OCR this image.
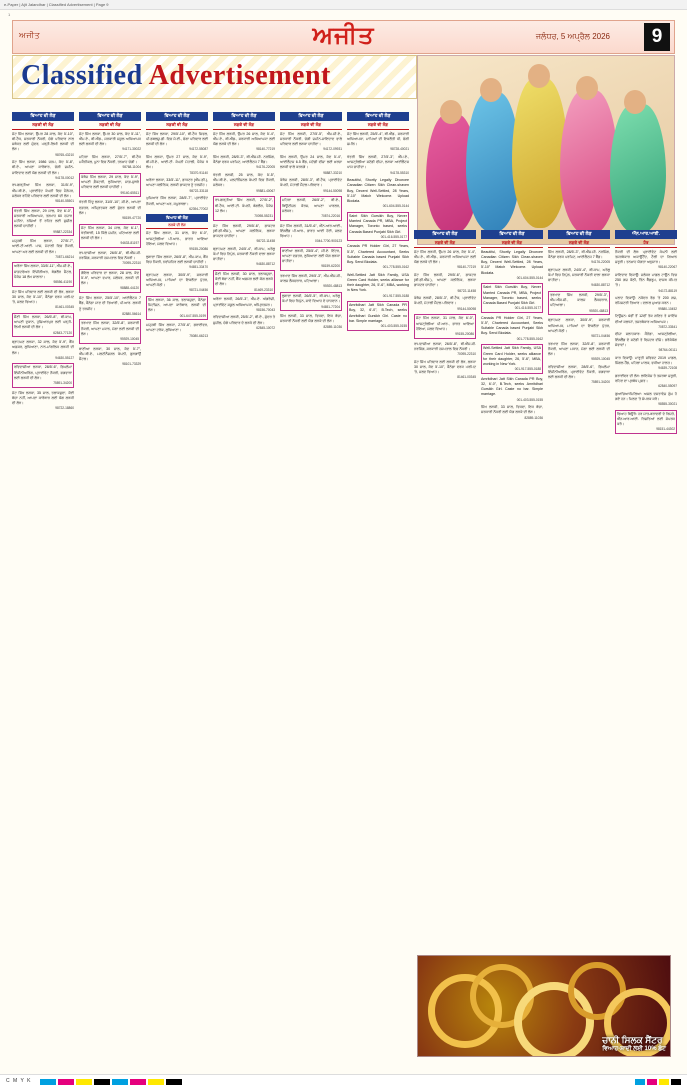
e-Paper | Ajit Jalandhar | Classified Advertisement | Page 9
1
ਅਜੀਤ	ਅਜੀਤ	ਜਲੰਧਰ, 5 ਅਪ੍ਰੈਲ 2026	9
Classified Advertisement
ਵਿਆਹ ਦੀ ਲੋੜ
ਲੜਕੀ ਦੀ ਲੋੜ
ਜੱਟ ਸਿੱਖ ਲੜਕਾ, ਉਮਰ 28 ਸਾਲ, ਕੱਦ 5'-10", ਬੀ.ਟੈਕ, ਸਰਕਾਰੀ ਨੌਕਰੀ, ਚੰਗੇ ਪਰਿਵਾਰ ਨਾਲ ਸਬੰਧਤ ਲਈ ਸੁੰਦਰ, ਪੜ੍ਹੀ-ਲਿਖੀ ਲੜਕੀ ਦੀ ਲੋੜ।
98765-43210
ਜੱਟ ਸਿੱਖ ਲੜਕਾ, 1986 ਜਨਮ, ਕੱਦ 5'-8", ਬੀ.ਏ., ਆਪਣਾ ਕਾਰੋਬਾਰ, ਚੰਗੀ ਜ਼ਮੀਨ-ਜਾਇਦਾਦ ਲਈ ਯੋਗ ਲੜਕੀ ਦੀ ਲੋੜ।
94178-00012
ਰਾਮਗੜ੍ਹੀਆ ਸਿੱਖ ਲੜਕਾ, 31/5'-9", ਐੱਮ.ਬੀ.ਏ., ਪ੍ਰਾਈਵੇਟ ਕੰਪਨੀ ਵਿਚ ਮੈਨੇਜਰ, ਜਲੰਧਰ ਰਹਿੰਦੇ ਪਰਿਵਾਰ ਲਈ ਲੜਕੀ ਦੀ ਲੋੜ।
98140-55501
ਖੱਤਰੀ ਸਿੱਖ ਲੜਕਾ, 29 ਸਾਲ, ਕੱਦ 6'-0", ਸਰਕਾਰੀ ਅਧਿਆਪਕ, ਤਨਖ਼ਾਹ 60 ਹਜ਼ਾਰ ਮਹੀਨਾ, ਨਸ਼ਿਆਂ ਤੋਂ ਰਹਿਤ ਲਈ ਸੁਸ਼ੀਲ ਲੜਕੀ ਚਾਹੀਦੀ।
99887-22334
ਮਜ਼੍ਹਬੀ ਸਿੱਖ ਲੜਕਾ, 27/5'-7", ਆਈ.ਟੀ.ਆਈ. ਪਾਸ, ਮੋਹਾਲੀ ਵਿਚ ਨੌਕਰੀ, ਆਪਣਾ ਘਰ ਲਈ ਲੜਕੀ ਦੀ ਲੋੜ।
70871-66214
ਅਰੋੜਾ ਸਿੱਖ ਲੜਕਾ, 33/5'-11", ਐੱਮ.ਸੀ.ਏ., ਸਾਫ਼ਟਵੇਅਰ ਇੰਜੀਨੀਅਰ, ਬੰਗਲੌਰ ਸੈਟਲ, ਪੈਕੇਜ 18 ਲੱਖ ਸਾਲਾਨਾ।
98556-41190
ਜੱਟ ਸਿੱਖ ਪਰਿਵਾਰ ਲਈ ਲੜਕੀ ਦੀ ਲੋੜ, ਲੜਕਾ 30 ਸਾਲ, ਕੱਦ 5'-10", ਕੈਨੇਡਾ ਵਰਕ ਪਰਮਿਟ 'ਤੇ, ਜਲਦ ਵਿਆਹ।
81461-00345
ਸੈਣੀ ਸਿੱਖ ਲੜਕਾ, 26/5'-8", ਬੀ.ਕਾਮ, ਆਪਣੀ ਦੁਕਾਨ, ਹੁਸ਼ਿਆਰਪੁਰ ਲਈ ਪੜ੍ਹੀ-ਲਿਖੀ ਲੜਕੀ ਦੀ ਲੋੜ।
62843-77120
ਬ੍ਰਾਹਮਣ ਲੜਕਾ, 32 ਸਾਲ, ਕੱਦ 5'-9", ਬੈਂਕ ਅਫ਼ਸਰ, ਲੁਧਿਆਣਾ, ਨਾਨ-ਮਾਂਗਲਿਕ ਲੜਕੀ ਦੀ ਲੋੜ।
94630-55127
ਰਵਿਦਾਸੀਆ ਲੜਕਾ, 28/5'-6", ਡਿਪਲੋਮਾ ਇੰਜੀਨੀਅਰਿੰਗ, ਪ੍ਰਾਈਵੇਟ ਨੌਕਰੀ, ਫਗਵਾੜਾ ਲਈ ਲੜਕੀ ਦੀ ਲੋੜ।
75891-34200
ਜੱਟ ਸਿੱਖ ਲੜਕਾ, 35 ਸਾਲ, ਤਲਾਕਸ਼ੁਦਾ, ਕੋਈ ਬੱਚਾ ਨਹੀਂ, ਆਪਣਾ ਕਾਰੋਬਾਰ ਲਈ ਯੋਗ ਲੜਕੀ ਦੀ ਲੋੜ।
98722-18860
ਵਿਆਹ ਦੀ ਲੋੜ
ਲੜਕੀ ਦੀ ਲੋੜ
ਜੱਟ ਸਿੱਖ ਲੜਕਾ, ਉਮਰ 30 ਸਾਲ, ਕੱਦ 5'-11", ਐੱਮ.ਏ., ਬੀ.ਐੱਡ., ਸਰਕਾਰੀ ਸਕੂਲ ਅਧਿਆਪਕ ਲਈ ਲੜਕੀ ਦੀ ਲੋੜ।
94171-30022
ਮਹਿਰਾ ਸਿੱਖ ਲੜਕਾ, 27/5'-7", ਬੀ.ਟੈਕ ਮਕੈਨੀਕਲ, ਪੂਨਾ ਵਿਚ ਨੌਕਰੀ, ਤਨਖ਼ਾਹ ਚੰਗੀ।
98768-11004
ਕੰਬੋਜ ਸਿੱਖ ਲੜਕਾ, 29 ਸਾਲ, ਕੱਦ 5'-9", ਆਪਣੀ ਫ਼ੈਕਟਰੀ, ਲੁਧਿਆਣਾ, ਸਾਫ਼-ਸੁਥਰੇ ਪਰਿਵਾਰ ਲਈ ਲੜਕੀ ਚਾਹੀਦੀ।
99140-65511
ਖੱਤਰੀ ਹਿੰਦੂ ਲੜਕਾ, 31/5'-10", ਸੀ.ਏ., ਆਪਣਾ ਦਫ਼ਤਰ, ਅੰਮ੍ਰਿਤਸਰ ਲਈ ਸੁੰਦਰ ਲੜਕੀ ਦੀ ਲੋੜ।
98159-47720
ਜੱਟ ਸਿੱਖ ਲੜਕਾ, 34 ਸਾਲ, ਕੱਦ 6'-1", ਖੇਤੀਬਾੜੀ, 15 ਕਿੱਲੇ ਜ਼ਮੀਨ, ਪਟਿਆਲਾ ਲਈ ਲੜਕੀ ਦੀ ਲੋੜ।
94633-81197
ਰਾਮਦਾਸੀਆ ਲੜਕਾ, 26/5'-8", ਬੀ.ਐੱਸ.ਸੀ. ਨਰਸਿੰਗ, ਸਰਕਾਰੀ ਹਸਪਤਾਲ ਵਿਚ ਨੌਕਰੀ।
70095-22310
ਗੋਇਲ ਪਰਿਵਾਰ ਦਾ ਲੜਕਾ, 28 ਸਾਲ, ਕੱਦ 5'-9", ਆਪਣਾ ਵਪਾਰ, ਜਲੰਧਰ, ਲੜਕੀ ਦੀ ਲੋੜ।
98888-44120
ਜੱਟ ਸਿੱਖ ਲੜਕਾ, 25/5'-10", ਆਈਲੈਟਸ 7 ਬੈਂਡ, ਕੈਨੇਡਾ ਜਾਣ ਦੀ ਤਿਆਰੀ, ਪੀ.ਆਰ. ਲੜਕੀ ਨੂੰ ਤਰਜੀਹ।
82880-56614
ਤਰਖਾਣ ਸਿੱਖ ਲੜਕਾ, 32/5'-8", ਸਰਕਾਰੀ ਨੌਕਰੀ, ਆਪਣਾ ਮਕਾਨ, ਮੋਗਾ ਲਈ ਲੜਕੀ ਦੀ ਲੋੜ।
95929-10045
ਬਾਣੀਆ ਲੜਕਾ, 30 ਸਾਲ, ਕੱਦ 5'-7", ਐੱਮ.ਬੀ.ਏ., ਮਲਟੀਨੈਸ਼ਨਲ ਕੰਪਨੀ, ਗੁੜਗਾਉਂ ਸੈਟਲ।
98101-73329
ਵਿਆਹ ਦੀ ਲੋੜ
ਲੜਕੀ ਦੀ ਲੋੜ
ਜੱਟ ਸਿੱਖ ਲੜਕਾ, 29/5'-10", ਬੀ.ਟੈਕ ਸਿਵਲ, ਪੀ.ਡਬਲਯੂ.ਡੀ. ਵਿਚ ਜੇ.ਈ., ਚੰਗਾ ਪਰਿਵਾਰ ਲਈ ਲੜਕੀ ਦੀ ਲੋੜ।
94172-55087
ਸਿੱਖ ਲੜਕਾ, ਉਮਰ 27 ਸਾਲ, ਕੱਦ 5'-9", ਬੀ.ਸੀ.ਏ., ਆਈ.ਟੀ. ਕੰਪਨੀ ਮੋਹਾਲੀ, ਪੈਕੇਜ 9 ਲੱਖ।
78370-91140
ਅਰੋੜਾ ਲੜਕਾ, 33/5'-11", ਡਾਕਟਰ (ਐੱਮ.ਡੀ.), ਆਪਣਾ ਕਲੀਨਿਕ, ਲੜਕੀ ਡਾਕਟਰ ਨੂੰ ਤਰਜੀਹ।
98722-33118
ਘੁਮਿਆਰ ਸਿੱਖ ਲੜਕਾ, 28/5'-7", ਪ੍ਰਾਈਵੇਟ ਨੌਕਰੀ, ਆਪਣਾ ਘਰ, ਕਪੂਰਥਲਾ।
62394-77002
ਵਿਆਹ ਦੀ ਲੋੜ
ਲੜਕੇ ਦੀ ਲੋੜ
ਜੱਟ ਸਿੱਖ ਲੜਕਾ, 31 ਸਾਲ, ਕੱਦ 6'-0", ਆਸਟ੍ਰੇਲੀਆ ਪੀ.ਆਰ., ਭਾਰਤ ਆਇਆ ਹੋਇਆ, ਜਲਦ ਵਿਆਹ।
99155-20086
ਲੁਬਾਣਾ ਸਿੱਖ ਲੜਕਾ, 26/5'-8", ਐੱਮ.ਕਾਮ, ਬੈਂਕ ਵਿਚ ਨੌਕਰੀ, ਨਵਾਂਸ਼ਹਿਰ ਲਈ ਲੜਕੀ ਚਾਹੀਦੀ।
94651-33470
ਬ੍ਰਾਹਮਣ ਲੜਕਾ, 30/5'-9", ਸਰਕਾਰੀ ਅਧਿਆਪਕ, ਮਾਪਿਆਂ ਦਾ ਇਕਲੌਤਾ ਪੁੱਤਰ, ਆਪਣੀ ਕੋਠੀ।
98721-04456
ਸਿੱਖ ਲੜਕਾ, 36 ਸਾਲ, ਤਲਾਕਸ਼ੁਦਾ, ਕੈਨੇਡਾ ਸਿਟੀਜ਼ਨ, ਆਪਣਾ ਕਾਰੋਬਾਰ, ਲੜਕੀ ਦੀ ਲੋੜ।
001-647-555-0199
ਮਜ਼੍ਹਬੀ ਸਿੱਖ ਲੜਕਾ, 27/5'-6", ਡਰਾਈਵਰ, ਆਪਣਾ ਟਰੱਕ, ਲੁਧਿਆਣਾ।
75080-66213
ਵਿਆਹ ਦੀ ਲੋੜ
ਲੜਕੇ ਦੀ ਲੋੜ
ਜੱਟ ਸਿੱਖ ਲੜਕੀ, ਉਮਰ 26 ਸਾਲ, ਕੱਦ 5'-4", ਐੱਮ.ਏ., ਬੀ.ਐੱਡ., ਸਰਕਾਰੀ ਅਧਿਆਪਕਾ ਲਈ ਯੋਗ ਲੜਕੇ ਦੀ ਲੋੜ।
98140-77219
ਸਿੱਖ ਲੜਕੀ, 28/5'-3", ਬੀ.ਐੱਸ.ਸੀ. ਨਰਸਿੰਗ, ਕੈਨੇਡਾ ਵਰਕ ਪਰਮਿਟ, ਆਈਲੈਟਸ 7 ਬੈਂਡ।
94176-22005
ਖੱਤਰੀ ਲੜਕੀ, 25 ਸਾਲ, ਕੱਦ 5'-5", ਐੱਮ.ਬੀ.ਏ., ਮਲਟੀਨੈਸ਼ਨਲ ਕੰਪਨੀ ਵਿਚ ਨੌਕਰੀ, ਜਲੰਧਰ।
99881-40067
ਰਾਮਗੜ੍ਹੀਆ ਸਿੱਖ ਲੜਕੀ, 27/5'-2", ਬੀ.ਟੈਕ, ਆਈ.ਟੀ. ਕੰਪਨੀ, ਬੰਗਲੌਰ, ਪੈਕੇਜ 12 ਲੱਖ।
70098-55231
ਜੱਟ ਸਿੱਖ ਲੜਕੀ, 29/5'-6", ਡਾਕਟਰ (ਬੀ.ਡੀ.ਐੱਸ.), ਆਪਣਾ ਕਲੀਨਿਕ, ਲੜਕਾ ਡਾਕਟਰ ਚਾਹੀਦਾ।
98722-11458
ਬ੍ਰਾਹਮਣ ਲੜਕੀ, 24/5'-4", ਬੀ.ਕਾਮ, ਘਰੇਲੂ ਕੰਮਾਂ ਵਿਚ ਨਿਪੁੰਨ, ਸਰਕਾਰੀ ਨੌਕਰੀ ਵਾਲਾ ਲੜਕਾ ਚਾਹੀਦਾ।
94630-88712
ਸੈਣੀ ਸਿੱਖ ਲੜਕੀ, 30 ਸਾਲ, ਤਲਾਕਸ਼ੁਦਾ, ਕੋਈ ਬੱਚਾ ਨਹੀਂ, ਬੈਂਕ ਅਫ਼ਸਰ ਲਈ ਯੋਗ ਲੜਕੇ ਦੀ ਲੋੜ।
81469-23310
ਅਰੋੜਾ ਲੜਕੀ, 26/5'-3", ਐੱਮ.ਏ. ਅੰਗਰੇਜ਼ੀ, ਪ੍ਰਾਈਵੇਟ ਸਕੂਲ ਅਧਿਆਪਕਾ, ਅੰਮ੍ਰਿਤਸਰ।
98156-70043
ਰਵਿਦਾਸੀਆ ਲੜਕੀ, 25/5'-2", ਬੀ.ਏ., ਸੁੰਦਰ ਤੇ ਸੁਸ਼ੀਲ, ਚੰਗੇ ਪਰਿਵਾਰ ਦੇ ਲੜਕੇ ਦੀ ਲੋੜ।
62845-10072
ਵਿਆਹ ਦੀ ਲੋੜ
ਲੜਕੇ ਦੀ ਲੋੜ
ਜੱਟ ਸਿੱਖ ਲੜਕੀ, 27/5'-5", ਐੱਮ.ਸੀ.ਏ., ਸਰਕਾਰੀ ਨੌਕਰੀ, ਚੰਗੀ ਜ਼ਮੀਨ-ਜਾਇਦਾਦ ਵਾਲੇ ਪਰਿਵਾਰ ਲਈ ਲੜਕਾ ਚਾਹੀਦਾ।
94172-09931
ਸਿੱਖ ਲੜਕੀ, ਉਮਰ 24 ਸਾਲ, ਕੱਦ 5'-4", ਆਈਲੈਟਸ 6.5 ਬੈਂਡ, ਸਟੱਡੀ ਵੀਜ਼ਾ ਲਈ ਖ਼ਰਚਾ ਲੜਕੀ ਵਾਲੇ ਕਰਨਗੇ।
98887-33210
ਕੰਬੋਜ ਲੜਕੀ, 28/5'-3", ਬੀ.ਟੈਕ, ਪ੍ਰਾਈਵੇਟ ਕੰਪਨੀ, ਮੋਹਾਲੀ ਸੈਟਲ ਪਰਿਵਾਰ।
99144-50098
ਮਹਿਰਾ ਲੜਕੀ, 26/5'-2", ਬੀ.ਏ., ਬਿਊਟੀਸ਼ਨ ਕੋਰਸ, ਆਪਣਾ ਪਾਰਲਰ, ਜਲੰਧਰ।
70874-22016
ਜੱਟ ਸਿੱਖ ਲੜਕੀ, 31/5'-6", ਐੱਨ.ਆਰ.ਆਈ., ਇੰਗਲੈਂਡ ਪੀ.ਆਰ., ਭਾਰਤ ਆਈ ਹੋਈ, ਜਲਦ ਵਿਆਹ।
0044-7700-900123
ਬਾਣੀਆ ਲੜਕੀ, 25/5'-4", ਸੀ.ਏ. ਇੰਟਰ, ਆਪਣਾ ਦਫ਼ਤਰ, ਲੁਧਿਆਣਾ ਲਈ ਯੋਗ ਲੜਕਾ ਚਾਹੀਦਾ।
98159-62200
ਤਰਖਾਣ ਸਿੱਖ ਲੜਕੀ, 29/5'-3", ਐੱਮ.ਐੱਸ.ਸੀ., ਕਾਲਜ ਲੈਕਚਰਾਰ, ਪਟਿਆਲਾ।
95920-48813
ਲੁਬਾਣਾ ਲੜਕੀ, 26/5'-5", ਬੀ.ਕਾਮ, ਘਰੇਲੂ ਕੰਮਾਂ ਵਿਚ ਨਿਪੁੰਨ, ਸਾਦੇ ਵਿਆਹ ਦੇ ਚਾਹਵਾਨ।
94651-77204
ਸਿੱਖ ਲੜਕੀ, 33 ਸਾਲ, ਵਿਧਵਾ, ਇਕ ਬੱਚਾ, ਸਰਕਾਰੀ ਨੌਕਰੀ ਲਈ ਯੋਗ ਲੜਕੇ ਦੀ ਲੋੜ।
82889-11036
ਵਿਆਹ ਦੀ ਲੋੜ
ਲੜਕੇ ਦੀ ਲੋੜ
ਜੱਟ ਸਿੱਖ ਲੜਕੀ, 25/5'-4", ਬੀ.ਐੱਡ., ਸਰਕਾਰੀ ਅਧਿਆਪਕਾ, ਮਾਪਿਆਂ ਦੀ ਇਕਲੌਤੀ ਧੀ, ਚੰਗੀ ਜ਼ਮੀਨ।
98728-40021
ਖੱਤਰੀ ਸਿੱਖ ਲੜਕੀ, 27/5'-3", ਐੱਮ.ਏ., ਆਸਟ੍ਰੇਲੀਆ ਸਟੱਡੀ ਵੀਜ਼ਾ, ਲੜਕਾ ਆਈਲੈਟਸ ਪਾਸ ਚਾਹੀਦਾ।
94178-55310
Beautiful, Shortly Legally Divorcee Canadian Citizen Sikh Clean-shaven Boy, Decent Well-Settled, 28 Years, 5'-10" Match Welcome. Upload Biodata.
001-604-555-0144
Saint Sikh Gursikh Boy, Never Married Canada PR, MBA, Project Manager, Toronto based, seeks Canada Based Punjabi Sikh Girl.
001-416-555-0177
Canada PR Holder Girl, 27 Years, 5'-5", Chartered Accountant, Seeks Suitable Canada based Punjabi Sikh Boy. Send Biodata.
001-778-555-0162
Well-Settled Jatt Sikh Family, USA Green Card Holder, seeks alliance for their daughter, 26, 5'-6", MBA, working in New York.
001-917-555-0188
Amritdhari Jatt Sikh Canada PR Boy, 32, 6'-0", B.Tech, seeks Amritdhari Gursikh Girl. Caste no bar. Simple marriage.
001-403-555-0155
ਵਿਆਹ ਦੀ ਲੋੜ
ਲੜਕੇ ਦੀ ਲੋੜ
ਜੱਟ ਸਿੱਖ ਲੜਕੀ, ਉਮਰ 26 ਸਾਲ, ਕੱਦ 5'-4", ਐੱਮ.ਏ., ਬੀ.ਐੱਡ., ਸਰਕਾਰੀ ਅਧਿਆਪਕਾ ਲਈ ਯੋਗ ਲੜਕੇ ਦੀ ਲੋੜ।
98140-77219
ਜੱਟ ਸਿੱਖ ਲੜਕੀ, 29/5'-6", ਡਾਕਟਰ (ਬੀ.ਡੀ.ਐੱਸ.), ਆਪਣਾ ਕਲੀਨਿਕ, ਲੜਕਾ ਡਾਕਟਰ ਚਾਹੀਦਾ।
98722-11458
ਕੰਬੋਜ ਲੜਕੀ, 28/5'-3", ਬੀ.ਟੈਕ, ਪ੍ਰਾਈਵੇਟ ਕੰਪਨੀ, ਮੋਹਾਲੀ ਸੈਟਲ ਪਰਿਵਾਰ।
99144-50098
ਜੱਟ ਸਿੱਖ ਲੜਕਾ, 31 ਸਾਲ, ਕੱਦ 6'-0", ਆਸਟ੍ਰੇਲੀਆ ਪੀ.ਆਰ., ਭਾਰਤ ਆਇਆ ਹੋਇਆ, ਜਲਦ ਵਿਆਹ।
99155-20086
ਰਾਮਦਾਸੀਆ ਲੜਕਾ, 26/5'-8", ਬੀ.ਐੱਸ.ਸੀ. ਨਰਸਿੰਗ, ਸਰਕਾਰੀ ਹਸਪਤਾਲ ਵਿਚ ਨੌਕਰੀ।
70095-22310
ਜੱਟ ਸਿੱਖ ਪਰਿਵਾਰ ਲਈ ਲੜਕੀ ਦੀ ਲੋੜ, ਲੜਕਾ 30 ਸਾਲ, ਕੱਦ 5'-10", ਕੈਨੇਡਾ ਵਰਕ ਪਰਮਿਟ 'ਤੇ, ਜਲਦ ਵਿਆਹ।
81461-00345
ਵਿਆਹ ਦੀ ਲੋੜ
ਲੜਕੇ ਦੀ ਲੋੜ
Beautiful, Shortly Legally Divorcee Canadian Citizen Sikh Clean-shaven Boy, Decent Well-Settled, 28 Years, 5'-10" Match Welcome. Upload Biodata.
001-604-555-0144
Saint Sikh Gursikh Boy, Never Married Canada PR, MBA, Project Manager, Toronto based, seeks Canada Based Punjabi Sikh Girl.
001-416-555-0177
Canada PR Holder Girl, 27 Years, 5'-5", Chartered Accountant, Seeks Suitable Canada based Punjabi Sikh Boy. Send Biodata.
001-778-555-0162
Well-Settled Jatt Sikh Family, USA Green Card Holder, seeks alliance for their daughter, 26, 5'-6", MBA, working in New York.
001-917-555-0188
Amritdhari Jatt Sikh Canada PR Boy, 32, 6'-0", B.Tech, seeks Amritdhari Gursikh Girl. Caste no bar. Simple marriage.
001-403-555-0155
ਸਿੱਖ ਲੜਕੀ, 33 ਸਾਲ, ਵਿਧਵਾ, ਇਕ ਬੱਚਾ, ਸਰਕਾਰੀ ਨੌਕਰੀ ਲਈ ਯੋਗ ਲੜਕੇ ਦੀ ਲੋੜ।
82889-11036
ਵਿਆਹ ਦੀ ਲੋੜ
ਲੜਕੇ ਦੀ ਲੋੜ
ਸਿੱਖ ਲੜਕੀ, 28/5'-3", ਬੀ.ਐੱਸ.ਸੀ. ਨਰਸਿੰਗ, ਕੈਨੇਡਾ ਵਰਕ ਪਰਮਿਟ, ਆਈਲੈਟਸ 7 ਬੈਂਡ।
94176-22005
ਬ੍ਰਾਹਮਣ ਲੜਕੀ, 24/5'-4", ਬੀ.ਕਾਮ, ਘਰੇਲੂ ਕੰਮਾਂ ਵਿਚ ਨਿਪੁੰਨ, ਸਰਕਾਰੀ ਨੌਕਰੀ ਵਾਲਾ ਲੜਕਾ ਚਾਹੀਦਾ।
94630-88712
ਤਰਖਾਣ ਸਿੱਖ ਲੜਕੀ, 29/5'-3", ਐੱਮ.ਐੱਸ.ਸੀ., ਕਾਲਜ ਲੈਕਚਰਾਰ, ਪਟਿਆਲਾ।
95920-48813
ਬ੍ਰਾਹਮਣ ਲੜਕਾ, 30/5'-9", ਸਰਕਾਰੀ ਅਧਿਆਪਕ, ਮਾਪਿਆਂ ਦਾ ਇਕਲੌਤਾ ਪੁੱਤਰ, ਆਪਣੀ ਕੋਠੀ।
98721-04456
ਤਰਖਾਣ ਸਿੱਖ ਲੜਕਾ, 32/5'-8", ਸਰਕਾਰੀ ਨੌਕਰੀ, ਆਪਣਾ ਮਕਾਨ, ਮੋਗਾ ਲਈ ਲੜਕੀ ਦੀ ਲੋੜ।
95929-10045
ਰਵਿਦਾਸੀਆ ਲੜਕਾ, 28/5'-6", ਡਿਪਲੋਮਾ ਇੰਜੀਨੀਅਰਿੰਗ, ਪ੍ਰਾਈਵੇਟ ਨੌਕਰੀ, ਫਗਵਾੜਾ ਲਈ ਲੜਕੀ ਦੀ ਲੋੜ।
75891-34200
ਐੱਨ.ਆਰ.ਆਈ.
ਹੋਰ
ਨੌਕਰੀ ਦੀ ਲੋੜ: ਪ੍ਰਾਈਵੇਟ ਕੰਪਨੀ ਲਈ ਤਜਰਬੇਕਾਰ ਅਕਾਊਂਟੈਂਟ, ਟੈਲੀ ਦਾ ਗਿਆਨ ਜ਼ਰੂਰੀ। ਤਨਖ਼ਾਹ ਯੋਗਤਾ ਅਨੁਸਾਰ।
98140-22067
ਜਾਇਦਾਦ ਵਿਕਾਊ: ਜਲੰਧਰ ਮਾਡਲ ਟਾਊਨ ਵਿਚ 250 ਗਜ਼ ਕੋਠੀ, ਤਿੰਨ ਬੈੱਡਰੂਮ, ਵਾਜਬ ਕੀਮਤ 'ਤੇ।
94172-88119
ਪਲਾਟ ਵਿਕਾਊ: ਨਕੋਦਰ ਰੋਡ 'ਤੇ 200 ਗਜ਼, ਰਜਿਸਟਰੀ ਤਿਆਰ। ਦਲਾਲ ਮੁਆਫ਼ ਕਰਨ।
99880-10452
ਟਿਊਸ਼ਨ: 6ਵੀਂ ਤੋਂ 12ਵੀਂ ਤੱਕ ਗਣਿਤ ਤੇ ਸਾਇੰਸ ਦੀਆਂ ਕਲਾਸਾਂ, ਤਜਰਬੇਕਾਰ ਅਧਿਆਪਕ।
70872-33541
ਵੀਜ਼ਾ ਸਲਾਹਕਾਰ: ਕੈਨੇਡਾ, ਆਸਟ੍ਰੇਲੀਆ, ਇੰਗਲੈਂਡ ਦੇ ਸਟੱਡੀ ਤੇ ਵਿਜ਼ਟਰ ਵੀਜ਼ੇ। ਭਰੋਸੇਯੋਗ ਸੇਵਾਵਾਂ।
98764-00111
ਕਾਰ ਵਿਕਾਊ: ਮਾਰੂਤੀ ਸਵਿਫਟ 2019 ਮਾਡਲ, ਸਿੰਗਲ ਹੈਂਡ, ਪਹਿਲਾ ਮਾਲਕ, ਵਧੀਆ ਹਾਲਤ।
94639-72108
ਡਰਾਈਵਰ ਦੀ ਲੋੜ: ਲਾਇਸੰਸ ਤੇ ਤਜਰਬਾ ਜ਼ਰੂਰੀ, ਰਹਿਣ ਦਾ ਪ੍ਰਬੰਧ ਮੁਫ਼ਤ।
62840-55097
ਗੁਆਚਿਆ/ਮਿਲਿਆ: ਅਸਲ ਦਸਤਾਵੇਜ਼ ਗੁੰਮ ਹੋ ਗਏ ਹਨ। ਮਿਲਣ 'ਤੇ ਸੰਪਰਕ ਕਰੋ।
98555-30021
ਵਿਆਹ ਬਿਊਰੋ: ਹਰ ਜਾਤ-ਬਰਾਦਰੀ ਦੇ ਰਿਸ਼ਤੇ, ਐੱਨ.ਆਰ.ਆਈ. ਰਿਸ਼ਤਿਆਂ ਲਈ ਸੰਪਰਕ ਕਰੋ।
98151-44302
ਚਾਨੀ ਸਿਲਕ ਸੈਂਟਰ
ਵਿਆਹ-ਸ਼ਾਦੀ ਲਈ 10% ਛੋਟ
C M Y K
